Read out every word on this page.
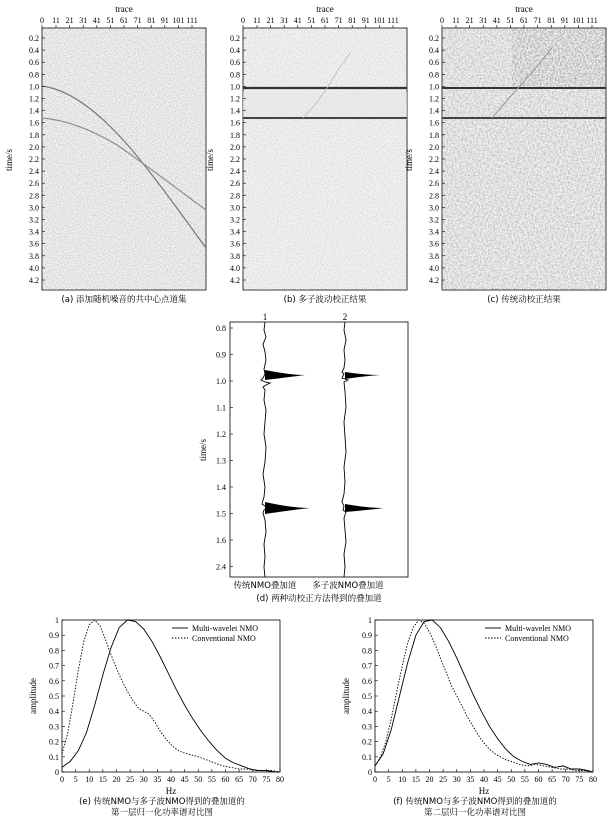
trace
0 11 21 31 41 51 61 71 81 91 101 111
0.2
0.4
0.6
0.8
1.0
1.2
1.4
1.6
1.8
2.0
2.2
2.4
2.6
2.8
3.0
3.2
3.4
3.6
3.8
4.0
4.2
time/s
(a) 添加随机噪音的共中心点道集
trace
0 11 21 31 41 51 61 71 81 91 101 111
0.2
0.4
0.6
0.8
1.0
1.2
1.4
1.6
1.8
2.0
2.2
2.4
2.6
2.8
3.0
3.2
3.4
3.6
3.8
4.0
4.2
time/s
(b) 多子波动校正结果
trace
0 11 21 31 41 51 61 71 81 91 101 111
0.2
0.4
0.6
0.8
1.0
1.2
1.4
1.6
1.8
2.0
2.2
2.4
2.6
2.8
3.0
3.2
3.4
3.6
3.8
4.0
4.2
time/s
(c) 传统动校正结果
1	2
0.8
0.9
1.0
1.1
1.2
1.3
1.4
1.5
1.6
2.4
time/s
传统NMO叠加道 多子波NMO叠加道
(d) 两种动校正方法得到的叠加道
0 5 10 15 20 25 30 35 40 45 50 55 60 65 70 75 80
0
0.1
0.2
0.3
0.4
0.5
0.6
0.7
0.8
0.9
1
Multi-wavelet NMO
Conventional NMO
Hz
amplitude
(e) 传统NMO与多子波NMO得到的叠加道的
第一层归一化功率谱对比图
0 5 10 15 20 25 30 35 40 45 50 55 60 65 70 75 80
0
0.1
0.2
0.3
0.4
0.5
0.6
0.7
0.8
0.9
1
Multi-wavelet NMO
Conventional NMO
Hz
amplitude
(f) 传统NMO与多子波NMO得到的叠加道的
第二层归一化功率谱对比图
